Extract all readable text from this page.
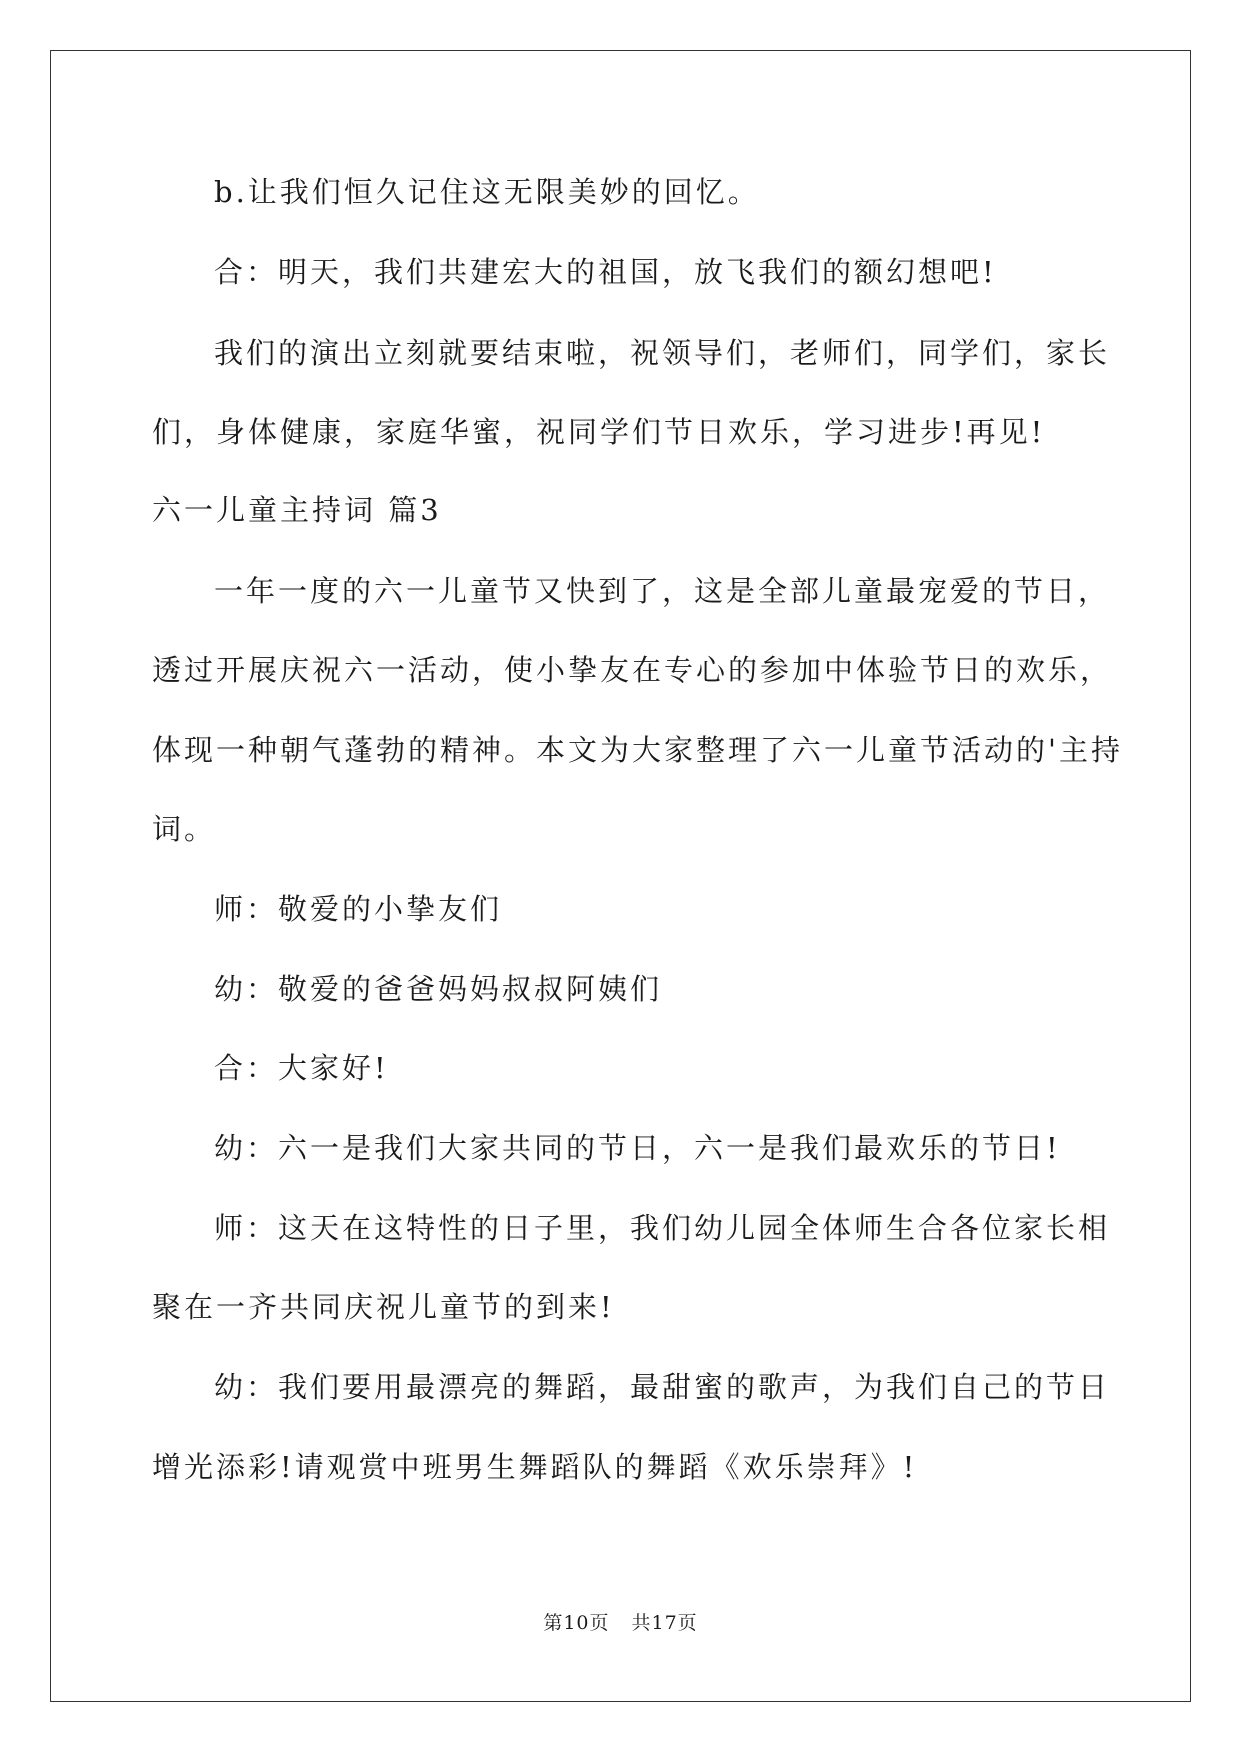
b.让我们恒久记住这无限美妙的回忆。
合：明天，我们共建宏大的祖国，放飞我们的额幻想吧!
我们的演出立刻就要结束啦，祝领导们，老师们，同学们，家长
们，身体健康，家庭华蜜，祝同学们节日欢乐，学习进步!再见!
六一儿童主持词 篇3
一年一度的六一儿童节又快到了，这是全部儿童最宠爱的节日，
透过开展庆祝六一活动，使小挚友在专心的参加中体验节日的欢乐，
体现一种朝气蓬勃的精神。本文为大家整理了六一儿童节活动的'主持
词。
师：敬爱的小挚友们
幼：敬爱的爸爸妈妈叔叔阿姨们
合：大家好!
幼：六一是我们大家共同的节日，六一是我们最欢乐的节日!
师：这天在这特性的日子里，我们幼儿园全体师生合各位家长相
聚在一齐共同庆祝儿童节的到来!
幼：我们要用最漂亮的舞蹈，最甜蜜的歌声，为我们自己的节日
增光添彩!请观赏中班男生舞蹈队的舞蹈《欢乐崇拜》!
第10页 共17页
